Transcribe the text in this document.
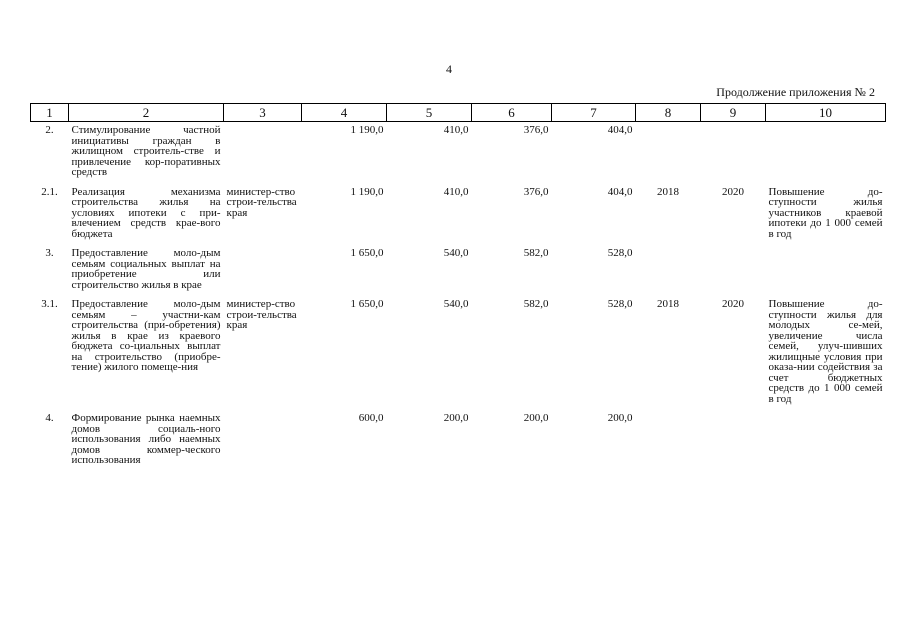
4
Продолжение приложения № 2
1	2	3	4	5	6	7	8	9	10
2.	Стимулирование частной инициативы граждан в жилищном строитель-стве и привлечение кор-поративных средств		1 190,0	410,0	376,0	404,0			
2.1.	Реализация механизма строительства жилья на условиях ипотеки с при-влечением средств крае-вого бюджета	министер-ство строи-тельства края	1 190,0	410,0	376,0	404,0	2018	2020	Повышение до-ступности жилья участников краевой ипотеки до 1 000 семей в год
3.	Предоставление моло-дым семьям социальных выплат на приобретение или строительство жилья в крае		1 650,0	540,0	582,0	528,0			
3.1.	Предоставление моло-дым семьям – участни-кам строительства (при-обретения) жилья в крае из краевого бюджета со-циальных выплат на строительство (приобре-тение) жилого помеще-ния	министер-ство строи-тельства края	1 650,0	540,0	582,0	528,0	2018	2020	Повышение до-ступности жилья для молодых се-мей, увеличение числа семей, улуч-шивших жилищные условия при оказа-нии содействия за счет бюджетных средств до 1 000 семей в год
4.	Формирование рынка наемных домов социаль-ного использования либо наемных домов коммер-ческого использования		600,0	200,0	200,0	200,0			
